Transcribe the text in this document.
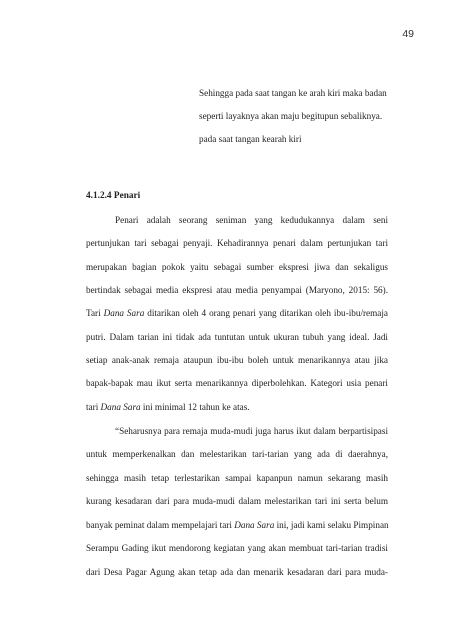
49
Sehingga pada saat tangan ke arah kiri maka badan
seperti layaknya akan maju begitupun sebaliknya.
pada saat tangan kearah kiri
4.1.2.4 Penari
Penari adalah seorang seniman yang kedudukannya dalam seni
pertunjukan tari sebagai penyaji. Kehadirannya penari dalam pertunjukan tari
merupakan bagian pokok yaitu sebagai sumber ekspresi jiwa dan sekaligus
bertindak sebagai media ekspresi atau media penyampai (Maryono, 2015: 56).
Tari Dana Sara ditarikan oleh 4 orang penari yang ditarikan oleh ibu-ibu/remaja
putri. Dalam tarian ini tidak ada tuntutan untuk ukuran tubuh yang ideal. Jadi
setiap anak-anak remaja ataupun ibu-ibu boleh untuk menarikannya atau jika
bapak-bapak mau ikut serta menarikannya diperbolehkan. Kategori usia penari
tari Dana Sara ini minimal 12 tahun ke atas.
“Seharusnya para remaja muda-mudi juga harus ikut dalam berpartisipasi
untuk memperkenalkan dan melestarikan tari-tarian yang ada di daerahnya,
sehingga masih tetap terlestarikan sampai kapanpun namun sekarang masih
kurang kesadaran dari para muda-mudi dalam melestarikan tari ini serta belum
banyak peminat dalam mempelajari tari Dana Sara ini, jadi kami selaku Pimpinan
Serampu Gading ikut mendorong kegiatan yang akan membuat tari-tarian tradisi
dari Desa Pagar Agung akan tetap ada dan menarik kesadaran dari para muda-
